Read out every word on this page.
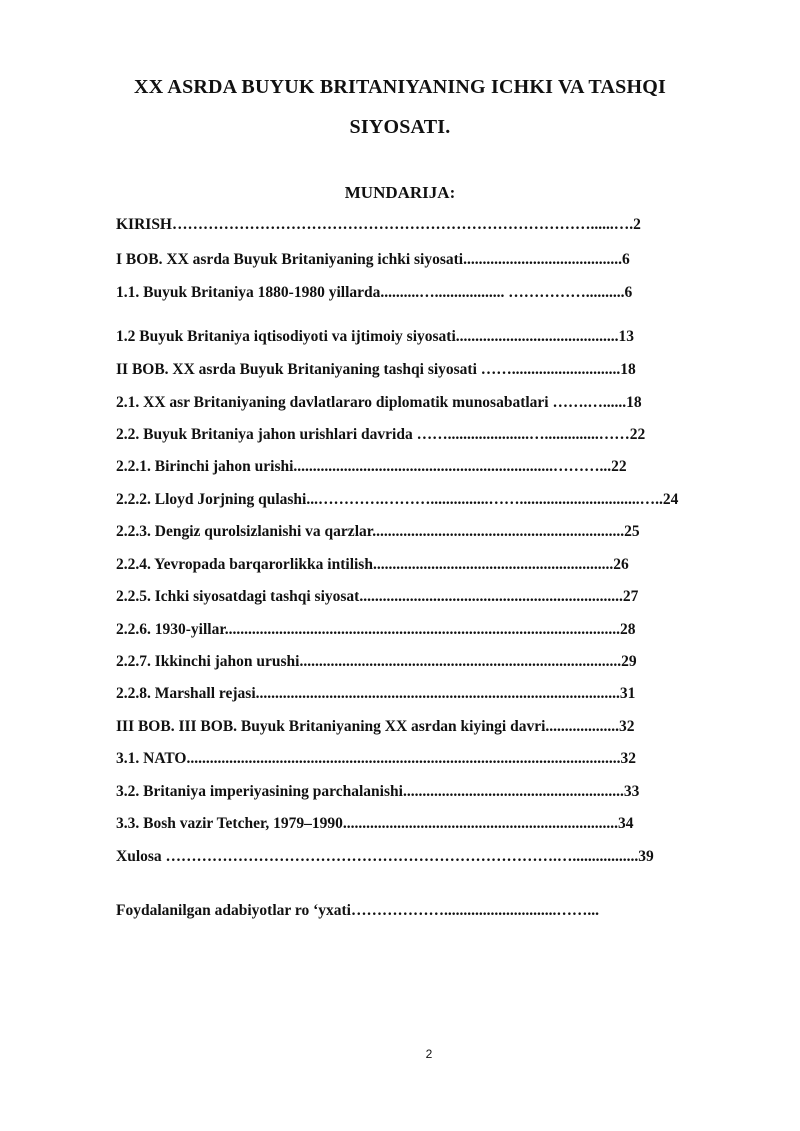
XX ASRDA BUYUK BRITANIYANING ICHKI VA TASHQI
SIYOSATI.
MUNDARIJA:
KIRISH………………………………………………………………………......….2
I BOB. XX asrda Buyuk Britaniyaning ichki siyosati.........................................6
1.1. Buyuk Britaniya 1880-1980 yillarda..........….................. ……………..........6
1.2 Buyuk Britaniya iqtisodiyoti va ijtimoiy siyosati..........................................13
II BOB. XX asrda Buyuk Britaniyaning tashqi siyosati ……............................18
2.1. XX asr Britaniyaning davlatlararo diplomatik munosabatlari …….…......18
2.2. Buyuk Britaniya jahon urishlari davrida …….....................…..............……22
2.2.1. Birinchi jahon urishi...................................................................………...22
2.2.2. Lloyd Jorjning qulashi...………….………...............……...............................…..24
2.2.3. Dengiz qurolsizlanishi va qarzlar.................................................................25
2.2.4. Yevropada barqarorlikka intilish..............................................................26
2.2.5. Ichki siyosatdagi tashqi siyosat....................................................................27
2.2.6. 1930-yillar......................................................................................................28
2.2.7. Ikkinchi jahon urushi...................................................................................29
2.2.8. Marshall rejasi..............................................................................................31
III BOB. III BOB. Buyuk Britaniyaning XX asrdan kiyingi davri...................32
3.1. NATO................................................................................................................32
3.2. Britaniya imperiyasining parchalanishi.........................................................33
3.3. Bosh vazir Tetcher, 1979–1990.......................................................................34
Xulosa ………………………………………………………………….….................39
Foydalanilgan adabiyotlar ro ‘yxati……………….............................……...
2
